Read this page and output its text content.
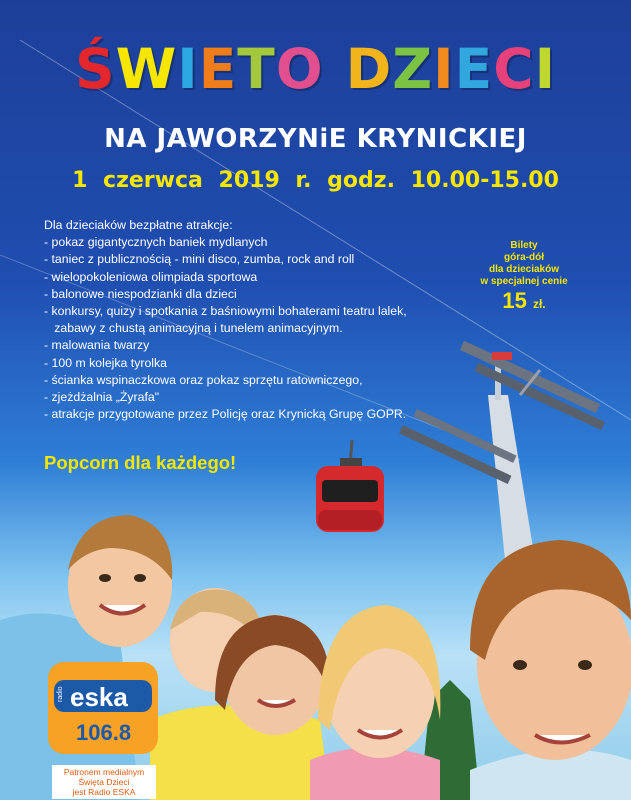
ŚWIETO DZIECI
NA JAWORZYNiE KRYNICKIEJ
1 czerwca 2019 r. godz. 10.00-15.00
Dla dzieciaków bezpłatne atrakcje:
- pokaz gigantycznych baniek mydlanych
- taniec z publicznością - mini disco, zumba, rock and roll
- wielopokoleniowa olimpiada sportowa
- balonowe niespodzianki dla dzieci
- konkursy, quizy i spotkania z baśniowymi bohaterami teatru lalek,
zabawy z chustą animacyjną i tunelem animacyjnym.
- malowania twarzy
- 100 m kolejka tyrolka
- ścianka wspinaczkowa oraz pokaz sprzętu ratowniczego,
- zjeżdżalnia „Żyrafa"
- atrakcje przygotowane przez Policję oraz Krynicką Grupę GOPR.
Popcorn dla każdego!
Bilety
góra-dół
dla dzieciaków
w specjalnej cenie
15 zł.
radio eska
106.8
Patronem medialnym
Święta Dzieci
jest Radio ESKA
